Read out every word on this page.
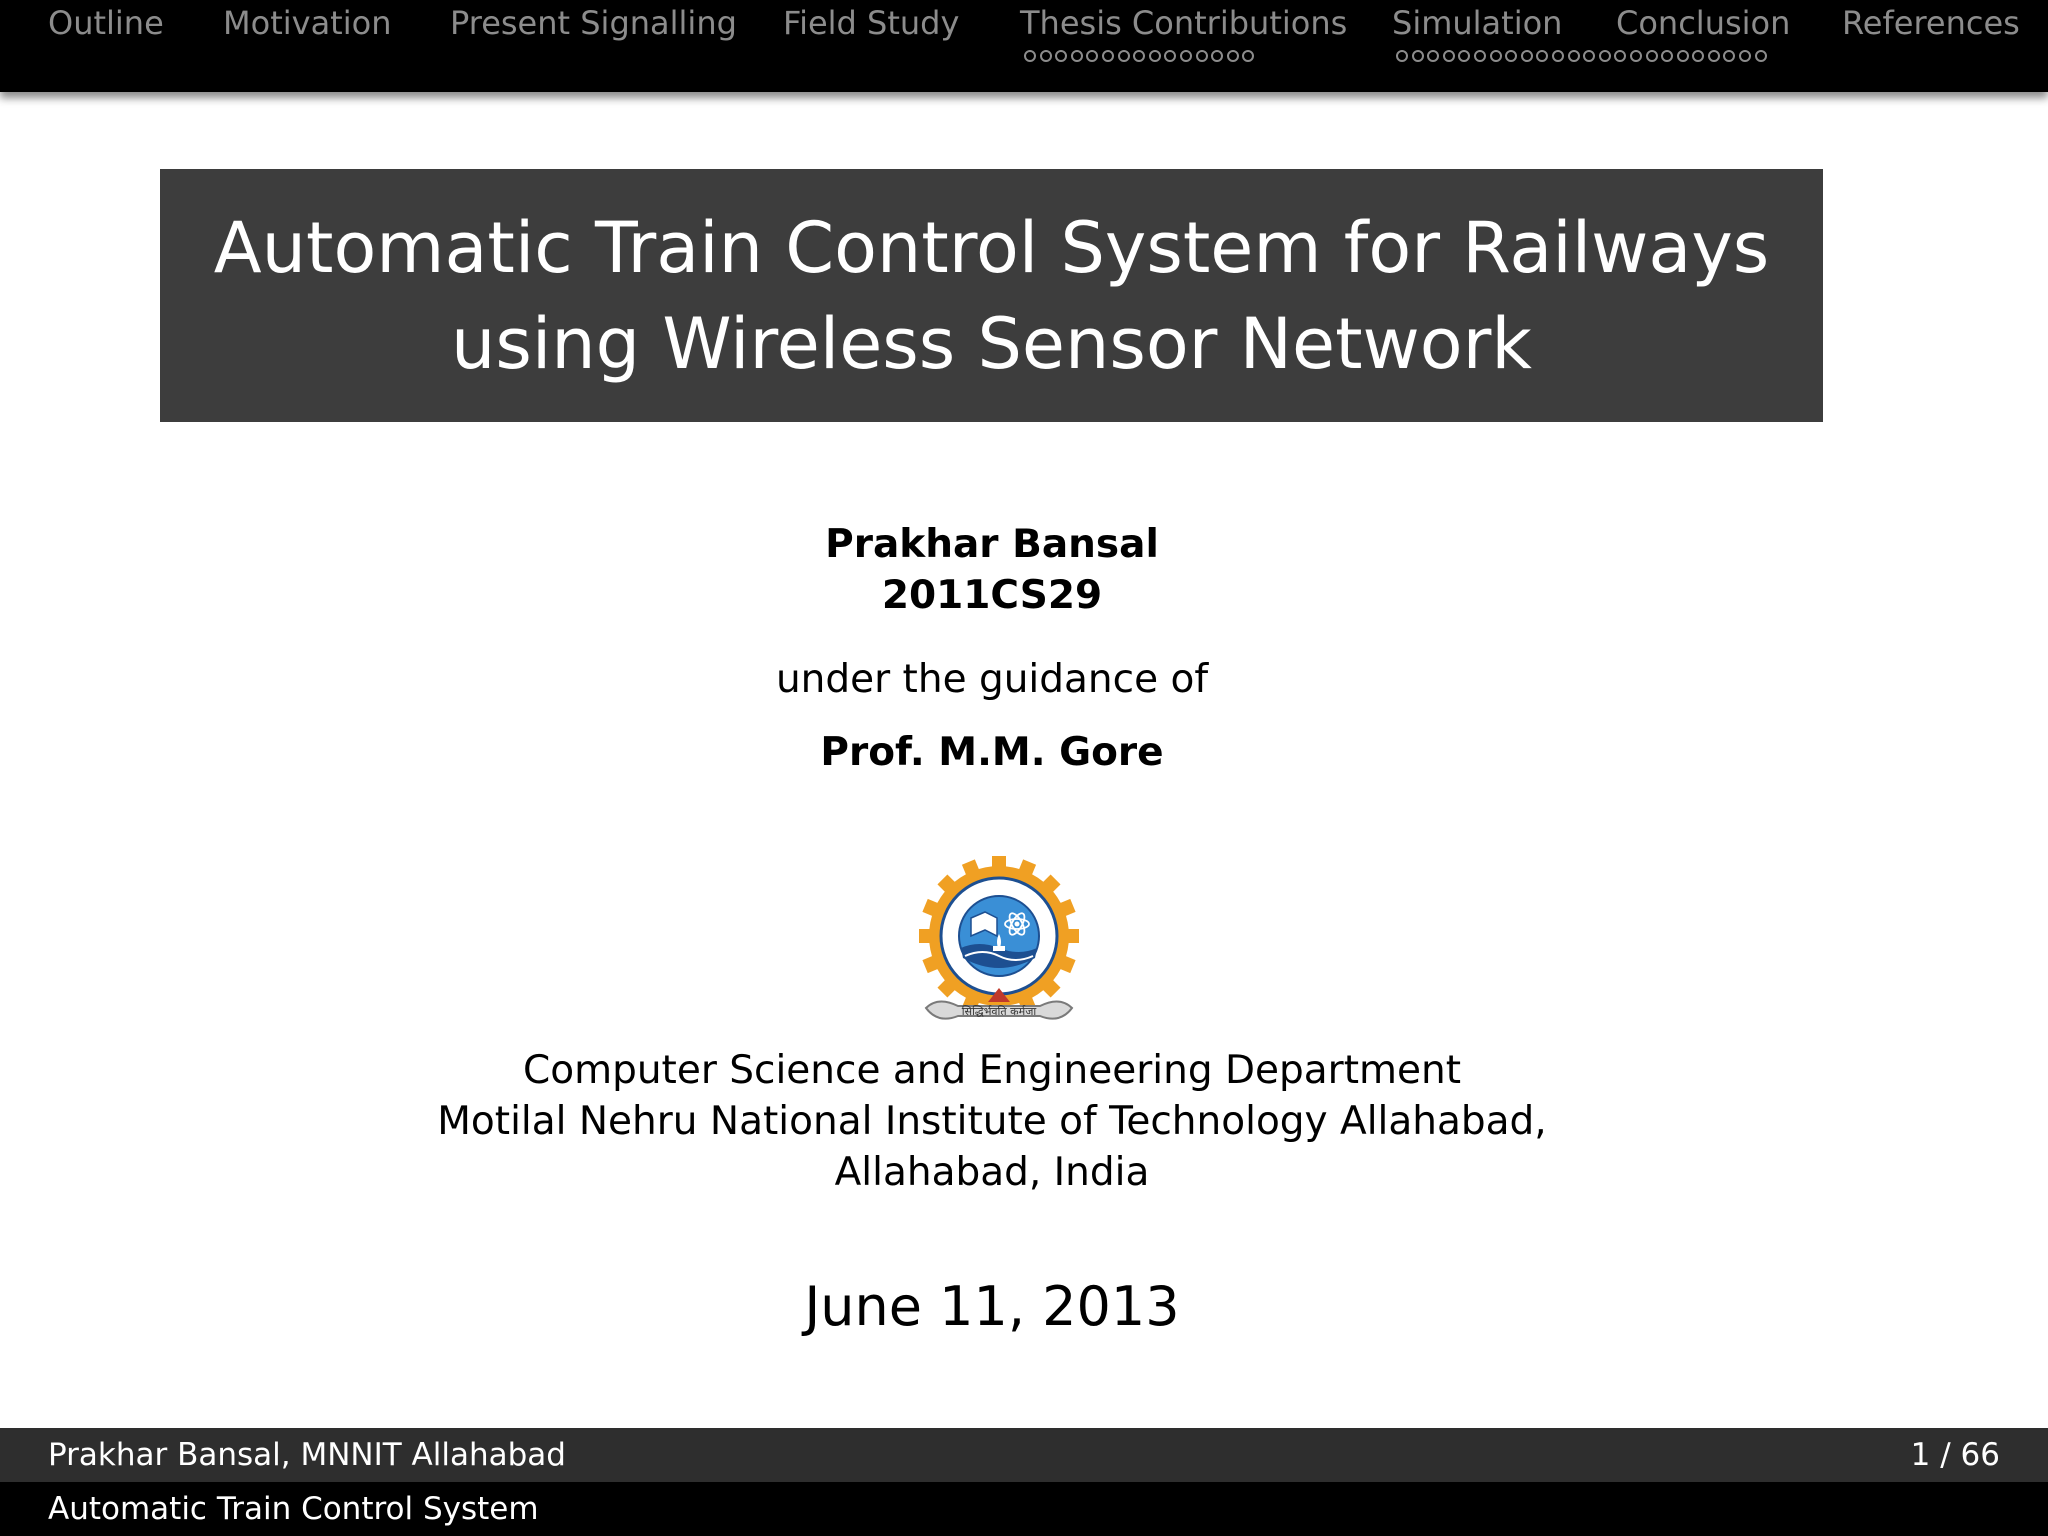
Outline Motivation Present Signalling Field Study Thesis Contributions Simulation Conclusion References
Automatic Train Control System for Railways
using Wireless Sensor Network
Prakhar Bansal
2011CS29
under the guidance of
Prof. M.M. Gore
सिद्धिर्भवति कर्मजा
Computer Science and Engineering Department
Motilal Nehru National Institute of Technology Allahabad,
Allahabad, India
June 11, 2013
Prakhar Bansal, MNNIT Allahabad	1 / 66
Automatic Train Control System
